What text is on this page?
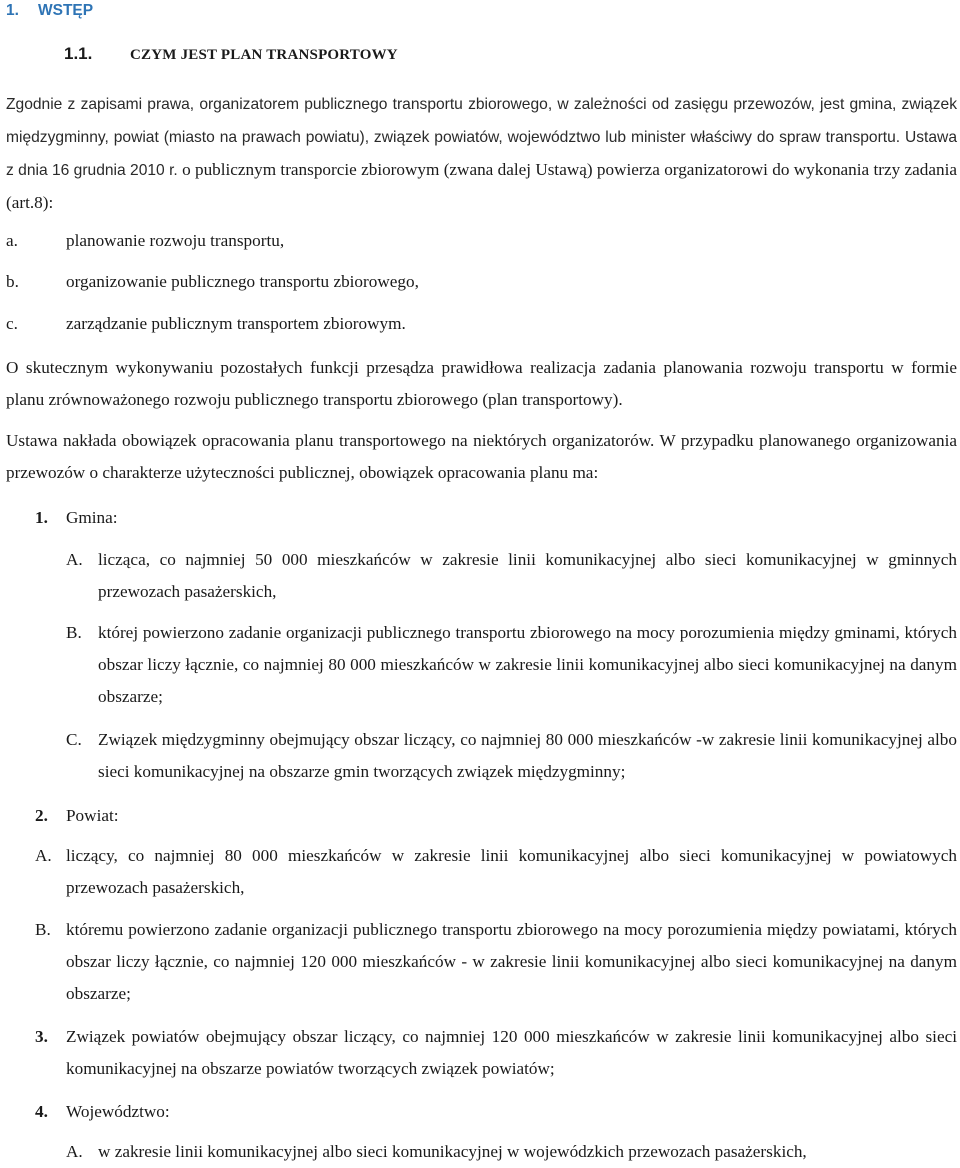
1. WSTĘP
1.1.	CZYM JEST PLAN TRANSPORTOWY
Zgodnie z zapisami prawa, organizatorem publicznego transportu zbiorowego, w zależności od zasięgu przewozów, jest gmina, związek międzygminny, powiat (miasto na prawach powiatu), związek powiatów, województwo lub minister właściwy do spraw transportu. Ustawa z dnia 16 grudnia 2010 r. o publicznym transporcie zbiorowym (zwana dalej Ustawą) powierza organizatorowi do wykonania trzy zadania (art.8):
a.	planowanie rozwoju transportu,
b.	organizowanie publicznego transportu zbiorowego,
c.	zarządzanie publicznym transportem zbiorowym.
O skutecznym wykonywaniu pozostałych funkcji przesądza prawidłowa realizacja zadania planowania rozwoju transportu w formie planu zrównoważonego rozwoju publicznego transportu zbiorowego (plan transportowy).
Ustawa nakłada obowiązek opracowania planu transportowego na niektórych organizatorów. W przypadku planowanego organizowania przewozów o charakterze użyteczności publicznej, obowiązek opracowania planu ma:
1. Gmina:
A. licząca, co najmniej 50 000 mieszkańców w zakresie linii komunikacyjnej albo sieci komunikacyjnej w gminnych przewozach pasażerskich,
B. której powierzono zadanie organizacji publicznego transportu zbiorowego na mocy porozumienia między gminami, których obszar liczy łącznie, co najmniej 80 000 mieszkańców w zakresie linii komunikacyjnej albo sieci komunikacyjnej na danym obszarze;
C. Związek międzygminny obejmujący obszar liczący, co najmniej 80 000 mieszkańców -w zakresie linii komunikacyjnej albo sieci komunikacyjnej na obszarze gmin tworzących związek międzygminny;
2. Powiat:
A. liczący, co najmniej 80 000 mieszkańców w zakresie linii komunikacyjnej albo sieci komunikacyjnej w powiatowych przewozach pasażerskich,
B. któremu powierzono zadanie organizacji publicznego transportu zbiorowego na mocy porozumienia między powiatami, których obszar liczy łącznie, co najmniej 120 000 mieszkańców - w zakresie linii komunikacyjnej albo sieci komunikacyjnej na danym obszarze;
3. Związek powiatów obejmujący obszar liczący, co najmniej 120 000 mieszkańców w zakresie linii komunikacyjnej albo sieci komunikacyjnej na obszarze powiatów tworzących związek powiatów;
4. Województwo:
A. w zakresie linii komunikacyjnej albo sieci komunikacyjnej w wojewódzkich przewozach pasażerskich,
